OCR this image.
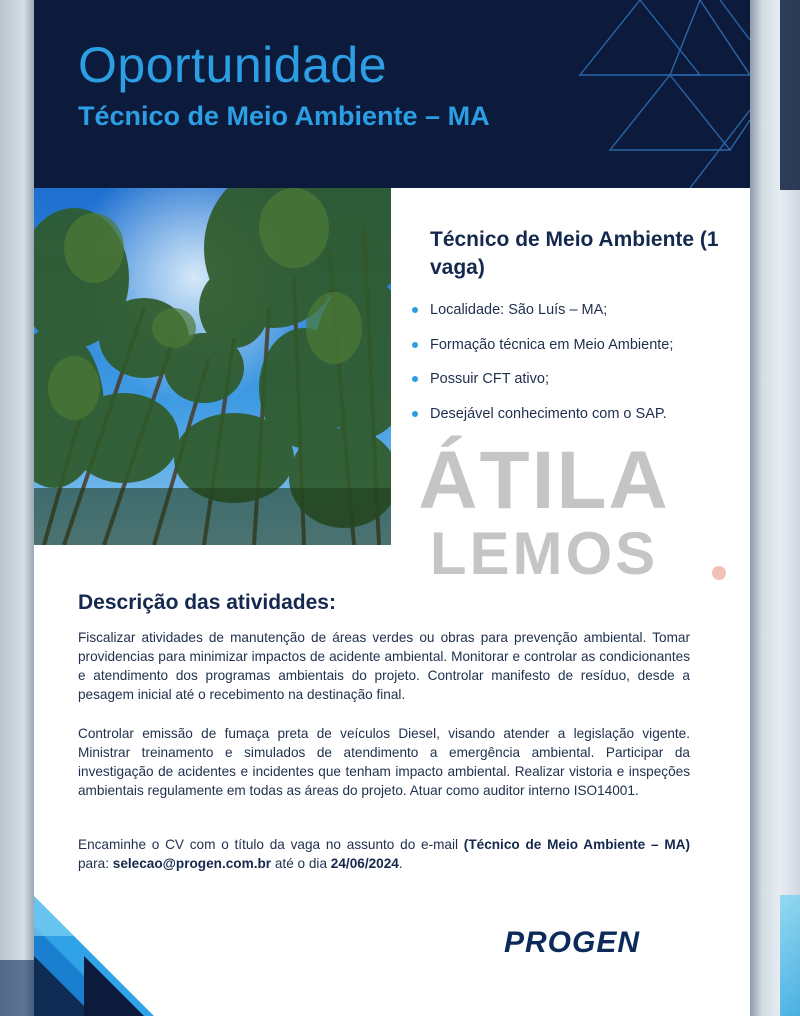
Oportunidade
Técnico de Meio Ambiente – MA
Técnico de Meio Ambiente (1 vaga)
Localidade: São Luís – MA;
Formação técnica em Meio Ambiente;
Possuir CFT ativo;
Desejável conhecimento com o SAP.
ÁTILA
LEMOS
Descrição das atividades:

Fiscalizar atividades de manutenção de áreas verdes ou obras para prevenção ambiental. Tomar providencias para minimizar impactos de acidente ambiental. Monitorar e controlar as condicionantes e atendimento dos programas ambientais do projeto. Controlar manifesto de resíduo, desde a pesagem inicial até o recebimento na destinação final.

Controlar emissão de fumaça preta de veículos Diesel, visando atender a legislação vigente. Ministrar treinamento e simulados de atendimento a emergência ambiental. Participar da investigação de acidentes e incidentes que tenham impacto ambiental. Realizar vistoria e inspeções ambientais regulamente em todas as áreas do projeto. Atuar como auditor interno ISO14001.

Encaminhe o CV com o título da vaga no assunto do e-mail (Técnico de Meio Ambiente – MA) para: selecao@progen.com.br até o dia 24/06/2024.

PROGEN
